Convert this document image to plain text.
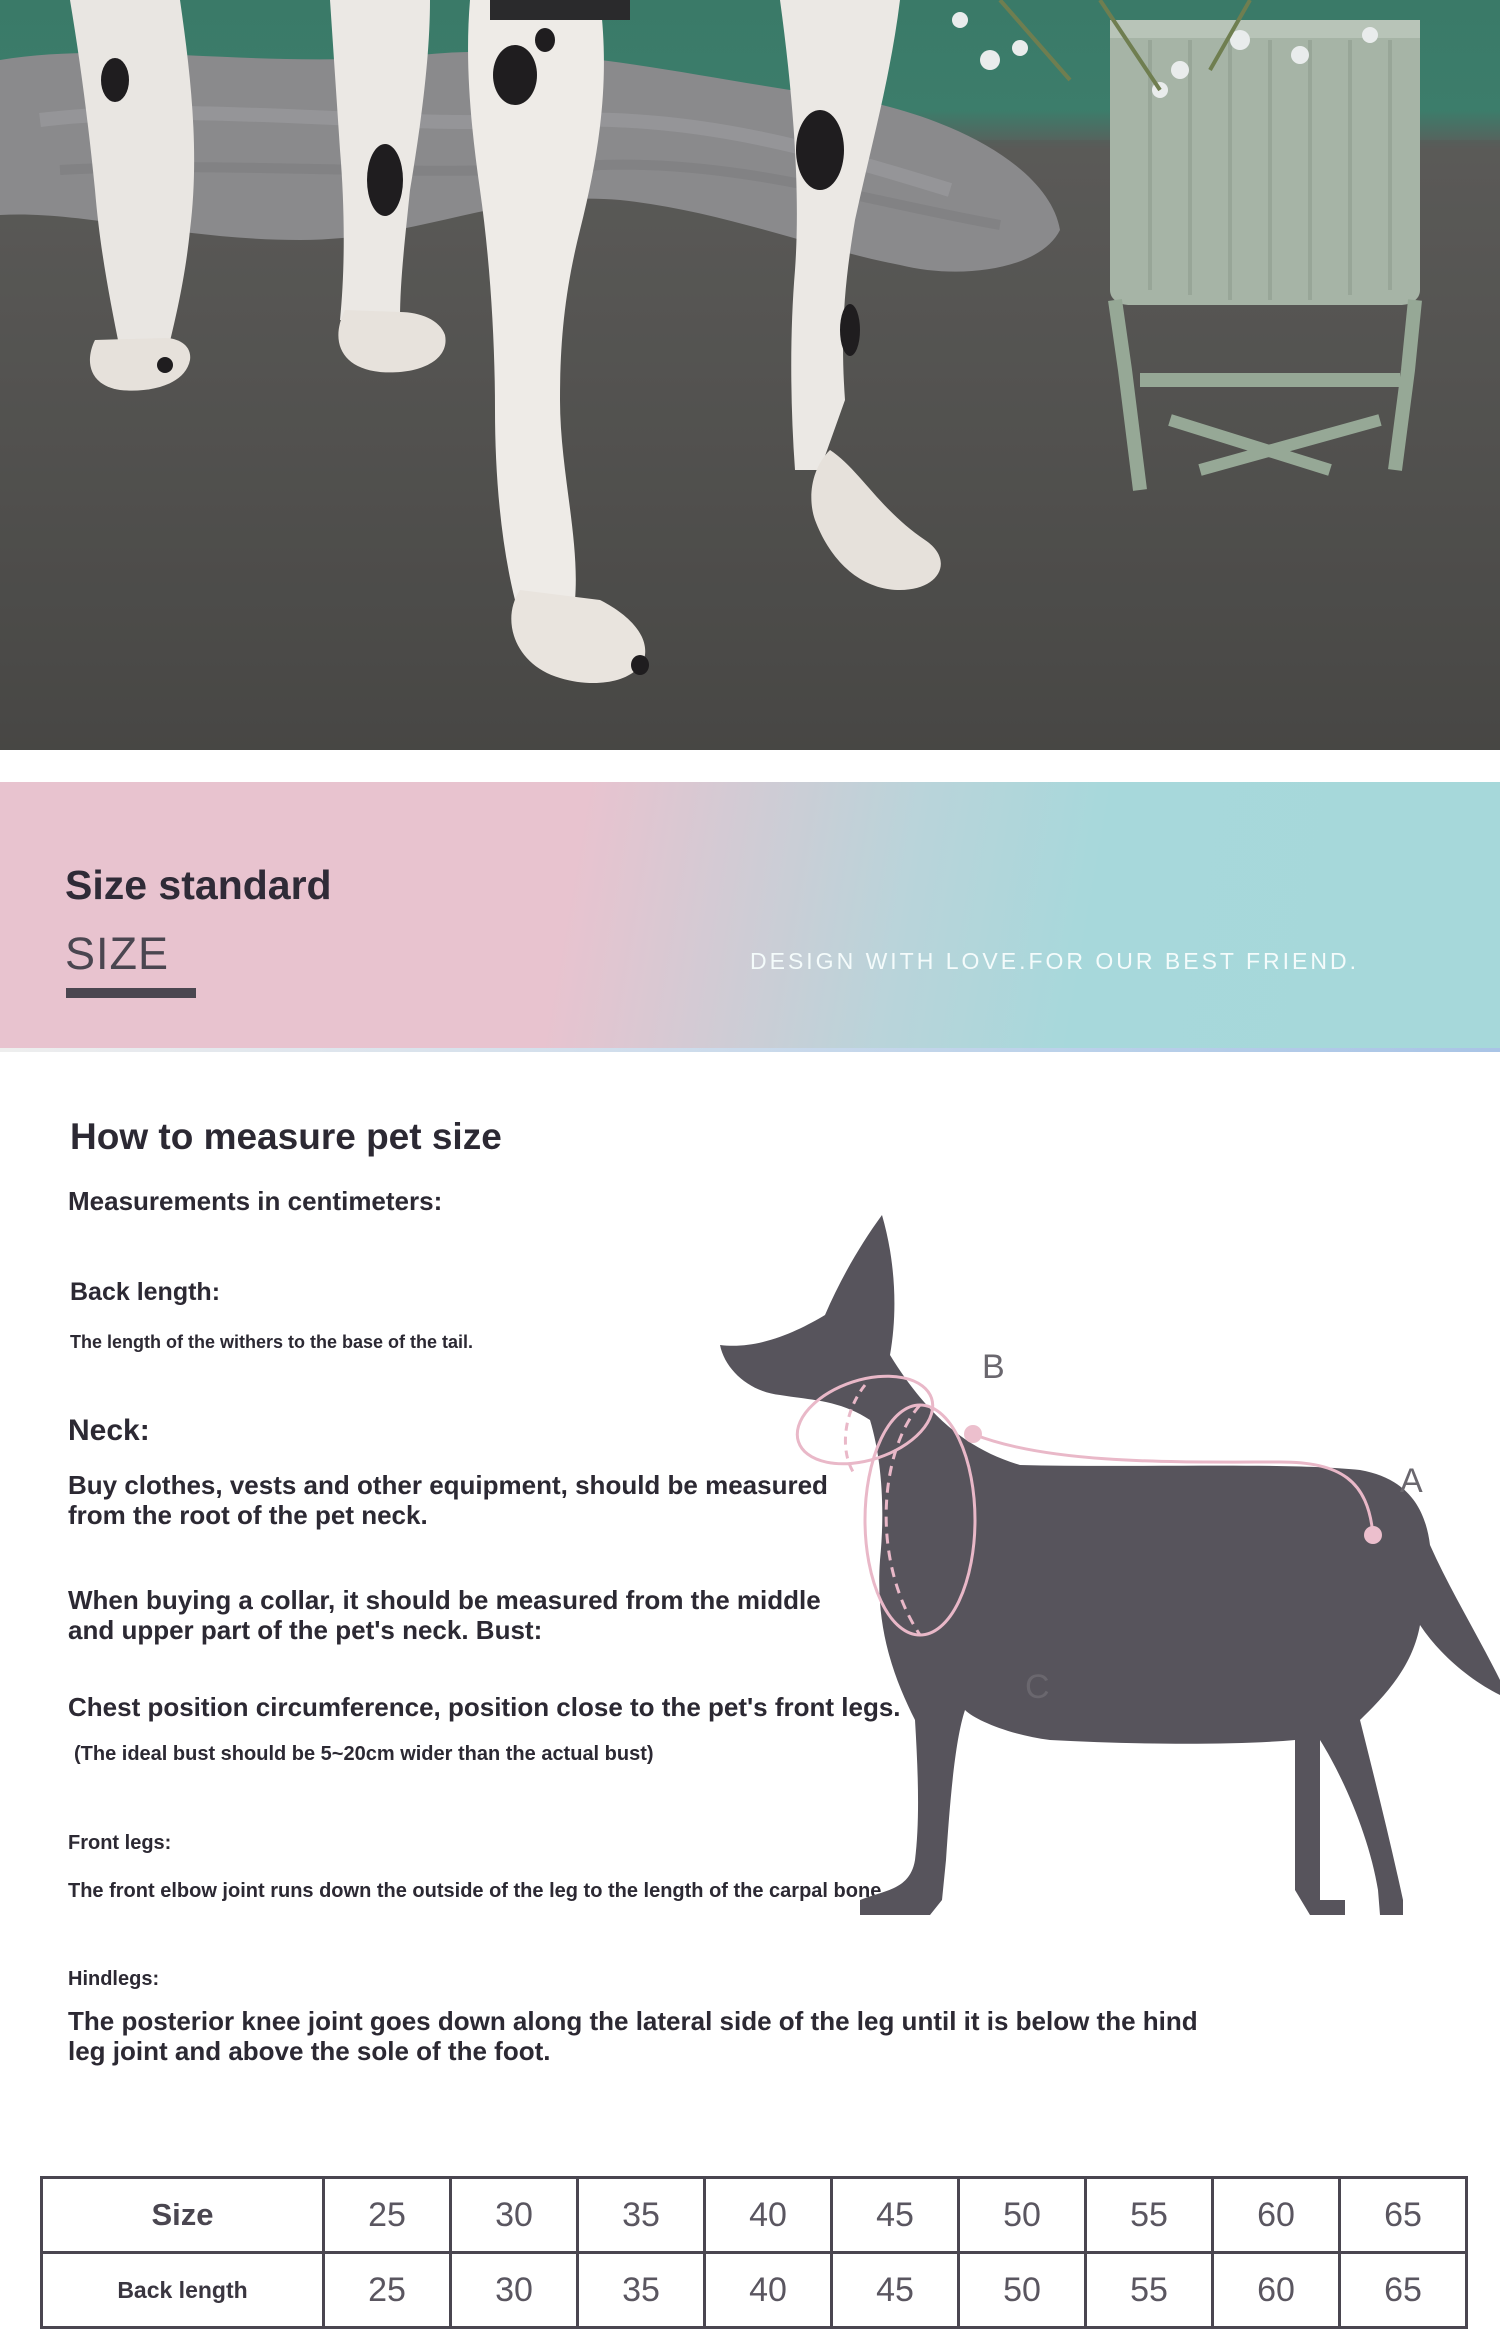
Size standard
SIZE	DESIGN WITH LOVE.FOR OUR BEST FRIEND.
How to measure pet size
Measurements in centimeters:
Back length:
The length of the withers to the base of the tail.
Neck:
Buy clothes, vests and other equipment, should be measured from the root of the pet neck.
When buying a collar, it should be measured from the middle and upper part of the pet's neck. Bust:
Chest position circumference, position close to the pet's front legs.
(The ideal bust should be 5~20cm wider than the actual bust)
Front legs:
The front elbow joint runs down the outside of the leg to the length of the carpal bone.
Hindlegs:
The posterior knee joint goes down along the lateral side of the leg until it is below the hind leg joint and above the sole of the foot.
B
A
C
Size	25	30	35	40	45	50	55	60	65
Back length	25	30	35	40	45	50	55	60	65
